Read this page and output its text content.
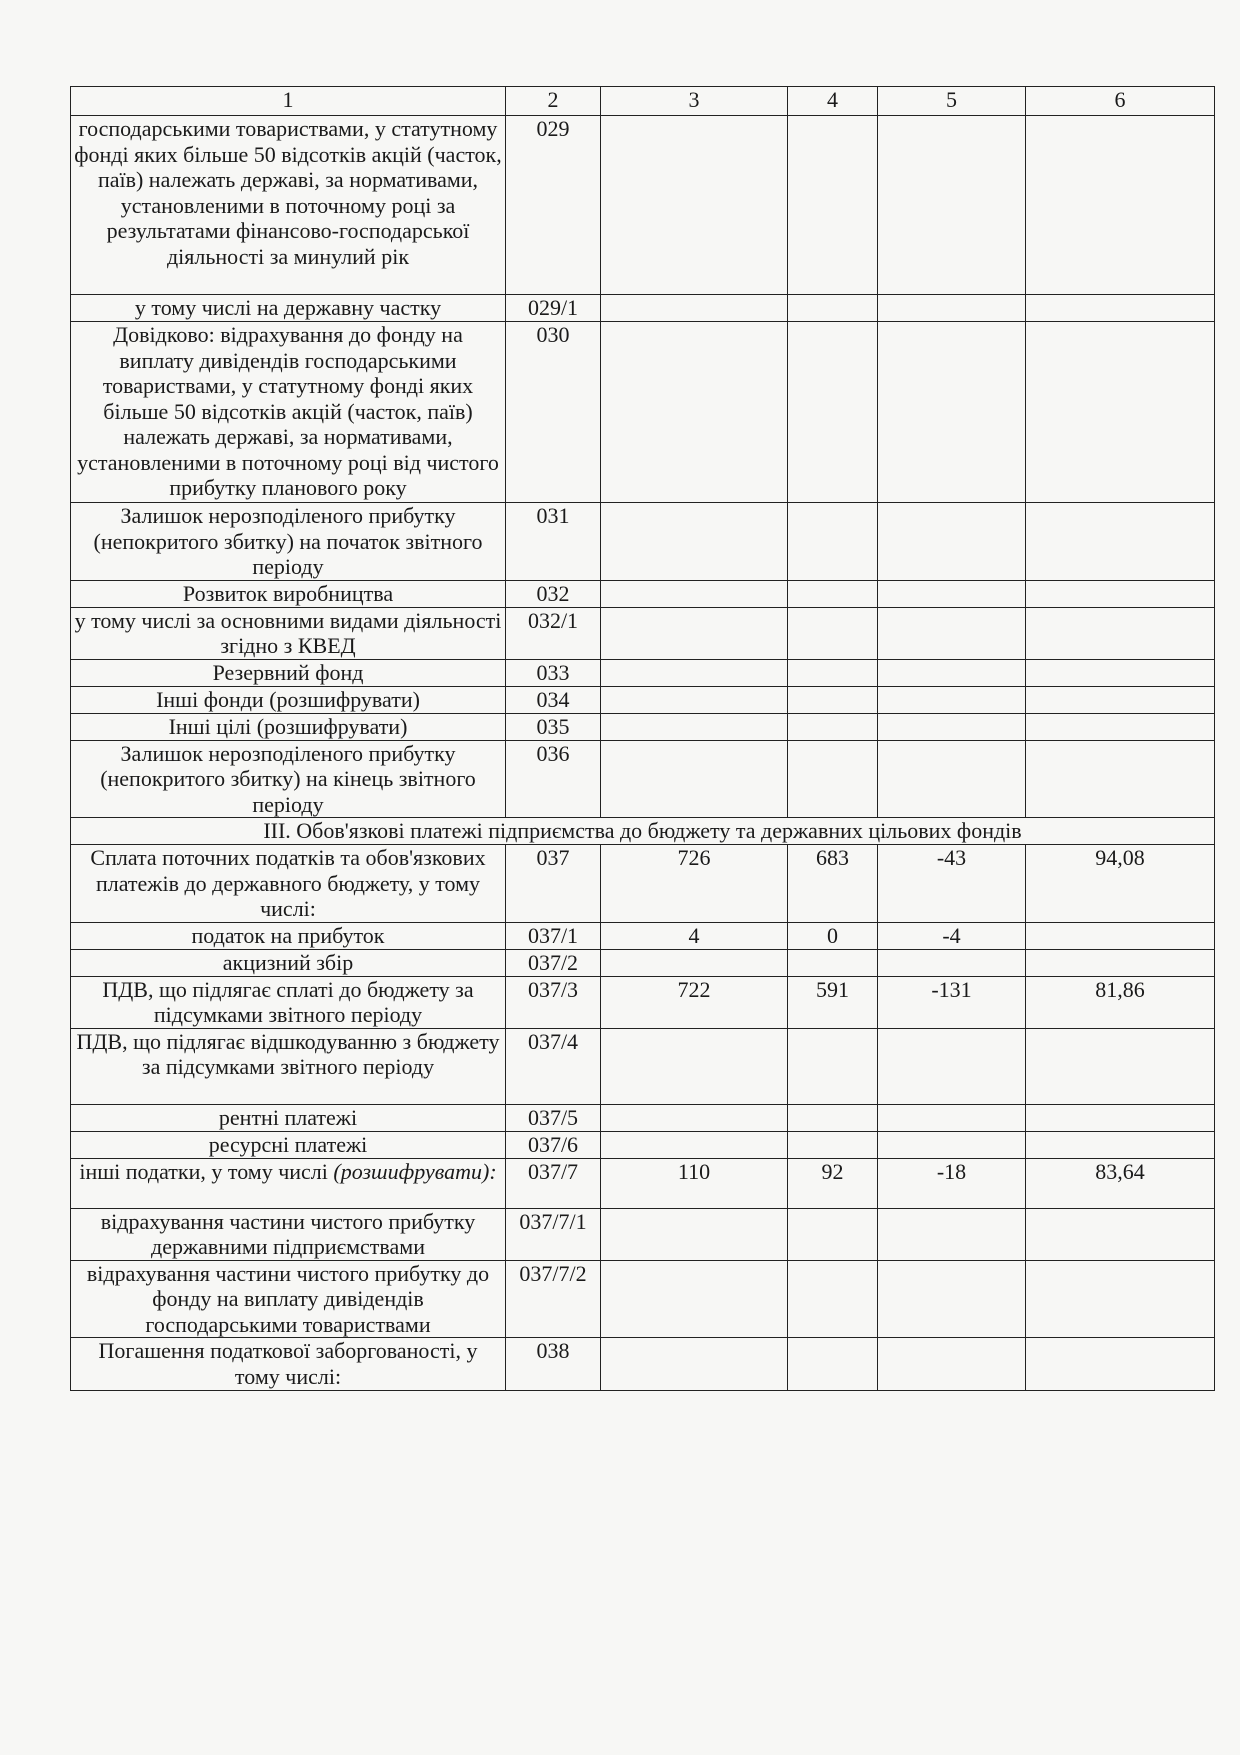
1	2	3	4	5	6
господарськими товариствами, у статутному фонді яких більше 50 відсотків акцій (часток, паїв) належать державі, за нормативами, установленими в поточному році за результатами фінансово-господарської діяльності за минулий рік	029				
у тому числі на державну частку	029/1				
Довідково: відрахування до фонду на виплату дивідендів господарськими товариствами, у статутному фонді яких більше 50 відсотків акцій (часток, паїв) належать державі, за нормативами, установленими в поточному році від чистого прибутку планового року	030				
Залишок нерозподіленого прибутку (непокритого збитку) на початок звітного періоду	031				
Розвиток виробництва	032				
у тому числі за основними видами діяльності згідно з КВЕД	032/1				
Резервний фонд	033				
Інші фонди (розшифрувати)	034				
Інші цілі (розшифрувати)	035				
Залишок нерозподіленого прибутку (непокритого збитку) на кінець звітного періоду	036				
ІІІ. Обов'язкові платежі підприємства до бюджету та державних цільових фондів					
Сплата поточних податків та обов'язкових платежів до державного бюджету, у тому числі:	037	726	683	-43	94,08
податок на прибуток	037/1	4	0	-4	
акцизний збір	037/2				
ПДВ, що підлягає сплаті до бюджету за підсумками звітного періоду	037/3	722	591	-131	81,86
ПДВ, що підлягає відшкодуванню з бюджету за підсумками звітного періоду	037/4				
рентні платежі	037/5				
ресурсні платежі	037/6				
інші податки, у тому числі (розшифрувати):	037/7	110	92	-18	83,64
відрахування частини чистого прибутку державними підприємствами	037/7/1				
відрахування частини чистого прибутку до фонду на виплату дивідендів господарськими товариствами	037/7/2				
Погашення податкової заборгованості, у тому числі:	038				
